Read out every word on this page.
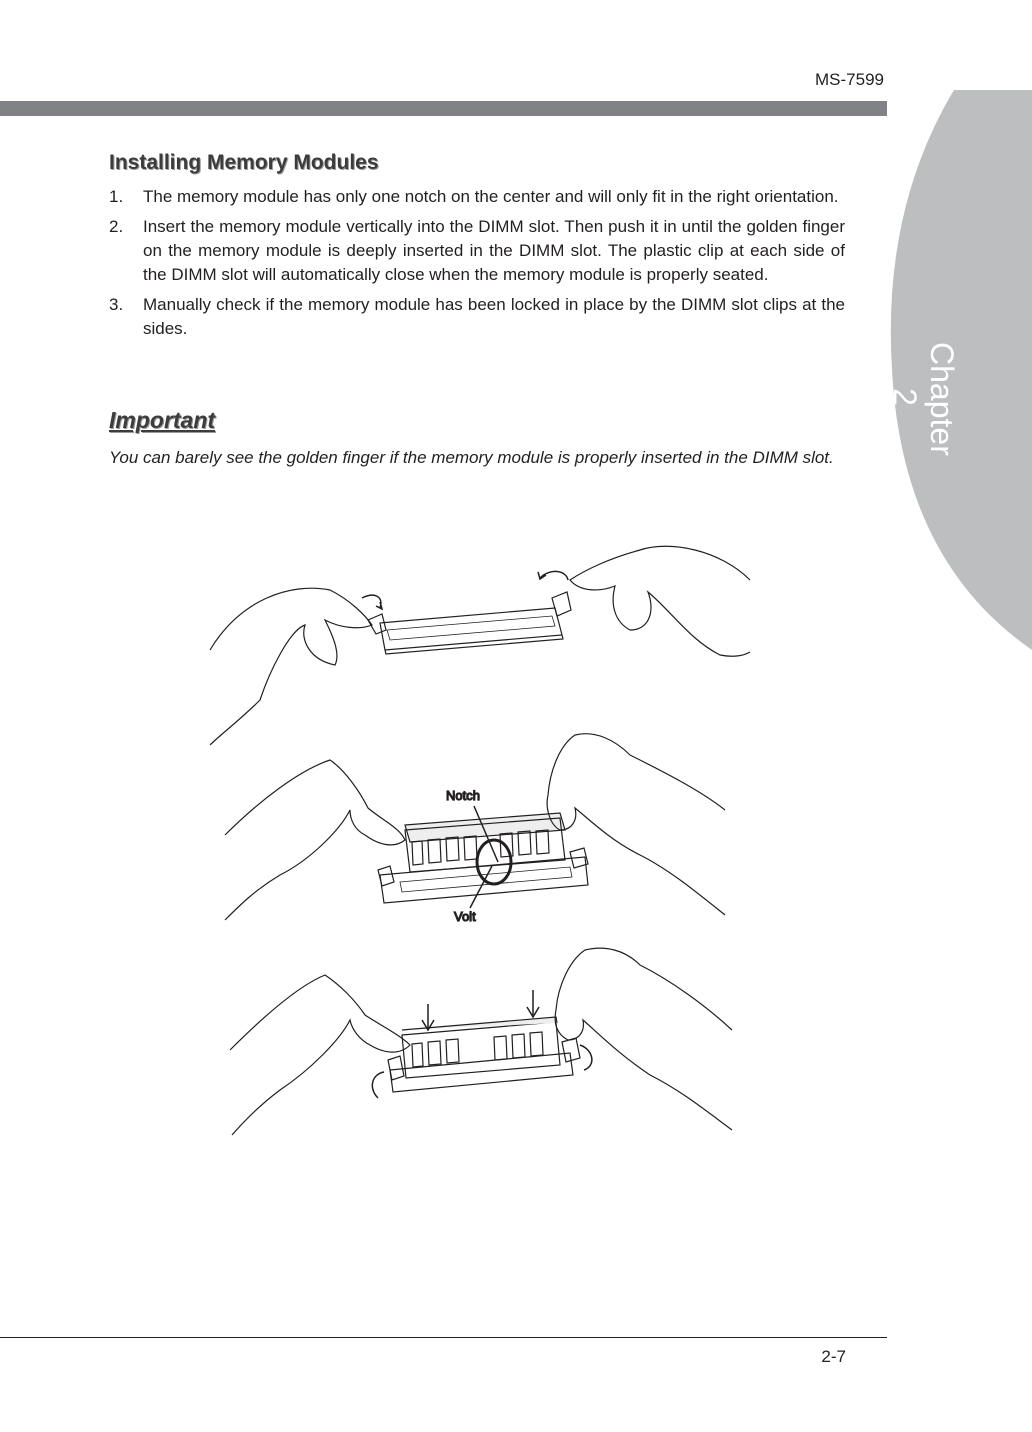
MS-7599
Chapter 2
Installing Memory Modules
1. The memory module has only one notch on the center and will only fit in the right orientation.
2. Insert the memory module vertically into the DIMM slot. Then push it in until the golden finger on the memory module is deeply inserted in the DIMM slot. The plastic clip at each side of the DIMM slot will automatically close when the memory module is properly seated.
3. Manually check if the memory module has been locked in place by the DIMM slot clips at the sides.
Important
You can barely see the golden finger if the memory module is properly inserted in the DIMM slot.
Notch
Volt
2-7
